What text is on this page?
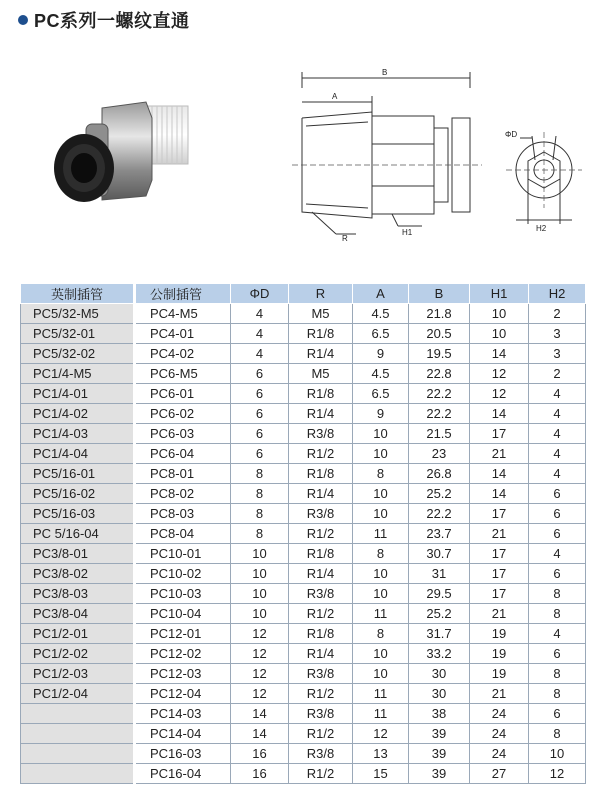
PC系列一螺纹直通
B
A
ΦD
R
H1	H2
英制插管	公制插管	ΦD	R	A	B	H1	H2
PC5/32-M5	PC4-M5	4	M5	4.5	21.8	10	2
PC5/32-01	PC4-01	4	R1/8	6.5	20.5	10	3
PC5/32-02	PC4-02	4	R1/4	9	19.5	14	3
PC1/4-M5	PC6-M5	6	M5	4.5	22.8	12	2
PC1/4-01	PC6-01	6	R1/8	6.5	22.2	12	4
PC1/4-02	PC6-02	6	R1/4	9	22.2	14	4
PC1/4-03	PC6-03	6	R3/8	10	21.5	17	4
PC1/4-04	PC6-04	6	R1/2	10	23	21	4
PC5/16-01	PC8-01	8	R1/8	8	26.8	14	4
PC5/16-02	PC8-02	8	R1/4	10	25.2	14	6
PC5/16-03	PC8-03	8	R3/8	10	22.2	17	6
PC 5/16-04	PC8-04	8	R1/2	11	23.7	21	6
PC3/8-01	PC10-01	10	R1/8	8	30.7	17	4
PC3/8-02	PC10-02	10	R1/4	10	31	17	6
PC3/8-03	PC10-03	10	R3/8	10	29.5	17	8
PC3/8-04	PC10-04	10	R1/2	11	25.2	21	8
PC1/2-01	PC12-01	12	R1/8	8	31.7	19	4
PC1/2-02	PC12-02	12	R1/4	10	33.2	19	6
PC1/2-03	PC12-03	12	R3/8	10	30	19	8
PC1/2-04	PC12-04	12	R1/2	11	30	21	8
	PC14-03	14	R3/8	11	38	24	6
	PC14-04	14	R1/2	12	39	24	8
	PC16-03	16	R3/8	13	39	24	10
	PC16-04	16	R1/2	15	39	27	12
